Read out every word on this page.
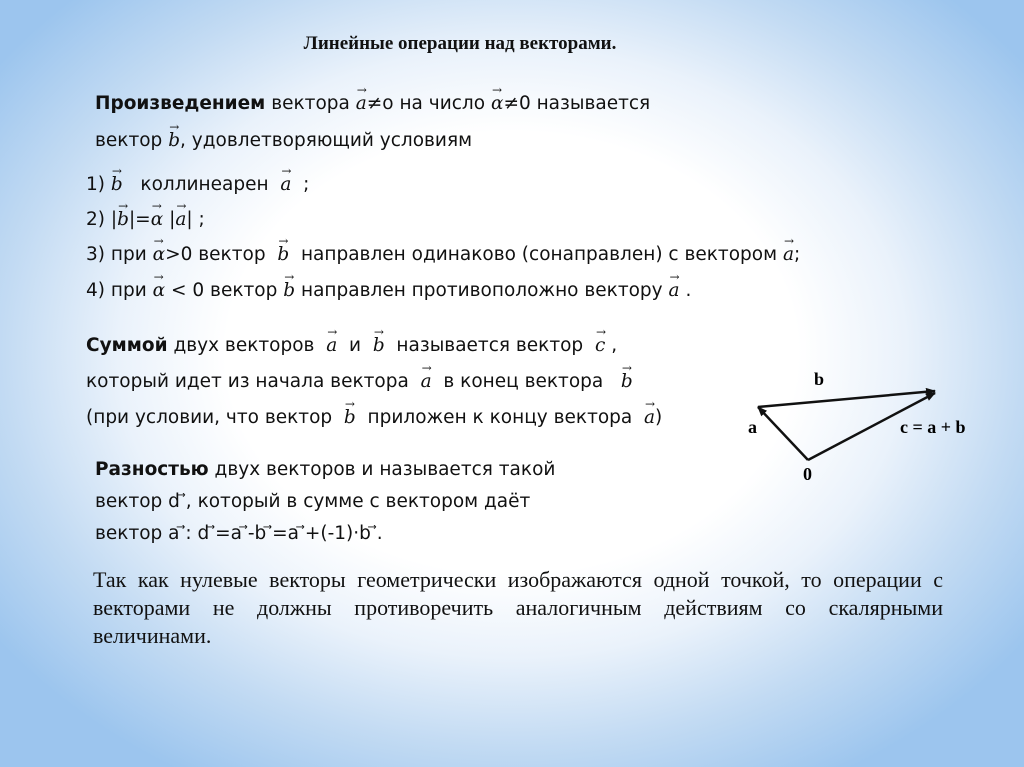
Линейные операции над векторами.
Произведением вектора → a≠о на число → α≠0 называется
вектор → b, удовлетворяющий условиям
1) → b коллинеарен → a ;
2) |→ b|=→ α |→ a| ;
3) при → α>0 вектор → b направлен одинаково (сонаправлен) с вектором → a;
4) при → α < 0 вектор → b направлен противоположно вектору → a .
Суммой двух векторов → a и → b называется вектор → c ,
который идет из начала вектора → a в конец вектора → b
(при условии, что вектор → b приложен к концу вектора → a)
b
a	c = a + b
0
Разностью двух векторов и называется такой
вектор d ⃗, который в сумме с вектором даёт
вектор a ⃗: d ⃗=a ⃗-b ⃗=a ⃗+(-1)·b ⃗.
Так как нулевые векторы геометрически изображаются одной точкой, то операции с векторами не должны противоречить аналогичным действиям со скалярными величинами.
